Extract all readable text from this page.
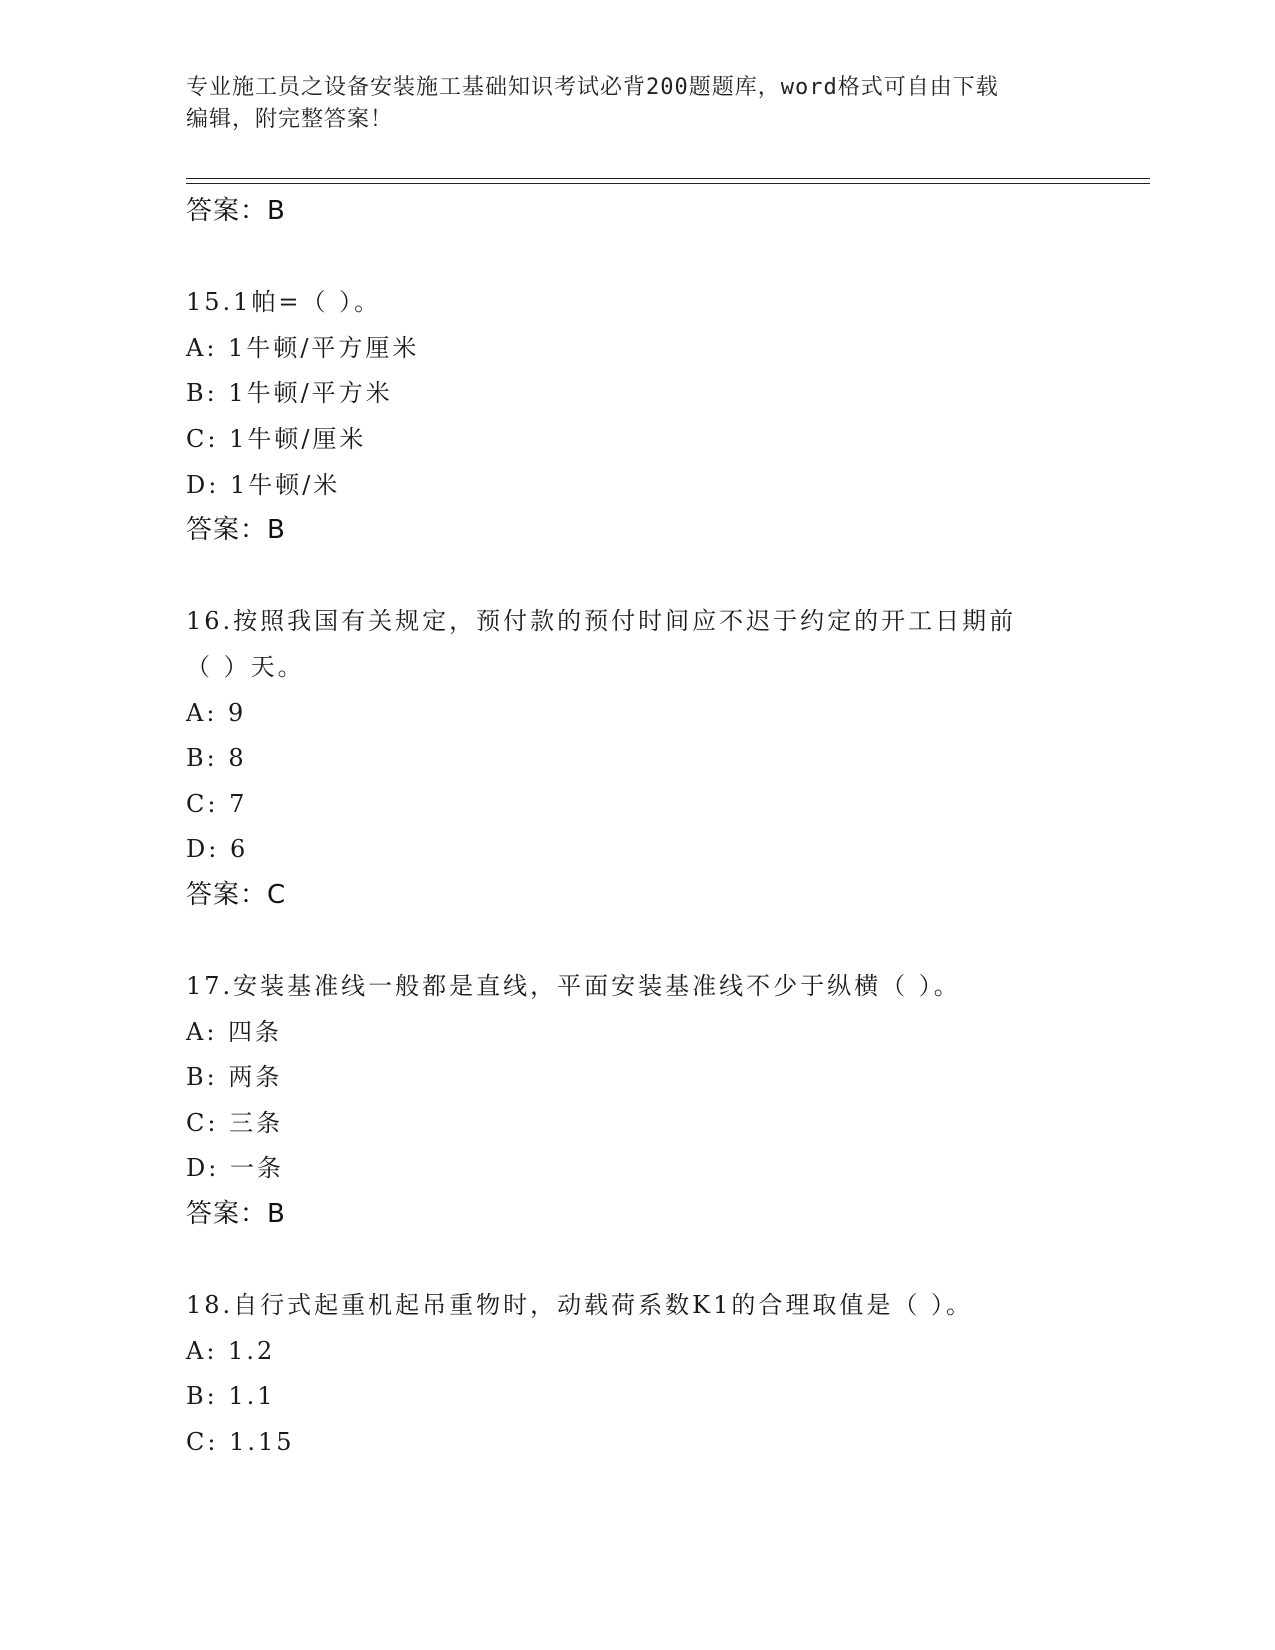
专业施工员之设备安装施工基础知识考试必背200题题库，word格式可自由下载
编辑，附完整答案！
答案：B
15.1帕=（ ）。
A: 1牛顿/平方厘米
B: 1牛顿/平方米
C: 1牛顿/厘米
D: 1牛顿/米
答案：B
16.按照我国有关规定，预付款的预付时间应不迟于约定的开工日期前
（ ）天。
A: 9
B: 8
C: 7
D: 6
答案：C
17.安装基准线一般都是直线，平面安装基准线不少于纵横（ ）。
A: 四条
B: 两条
C: 三条
D: 一条
答案：B
18.自行式起重机起吊重物时，动载荷系数K1的合理取值是（ ）。
A: 1.2
B: 1.1
C: 1.15
